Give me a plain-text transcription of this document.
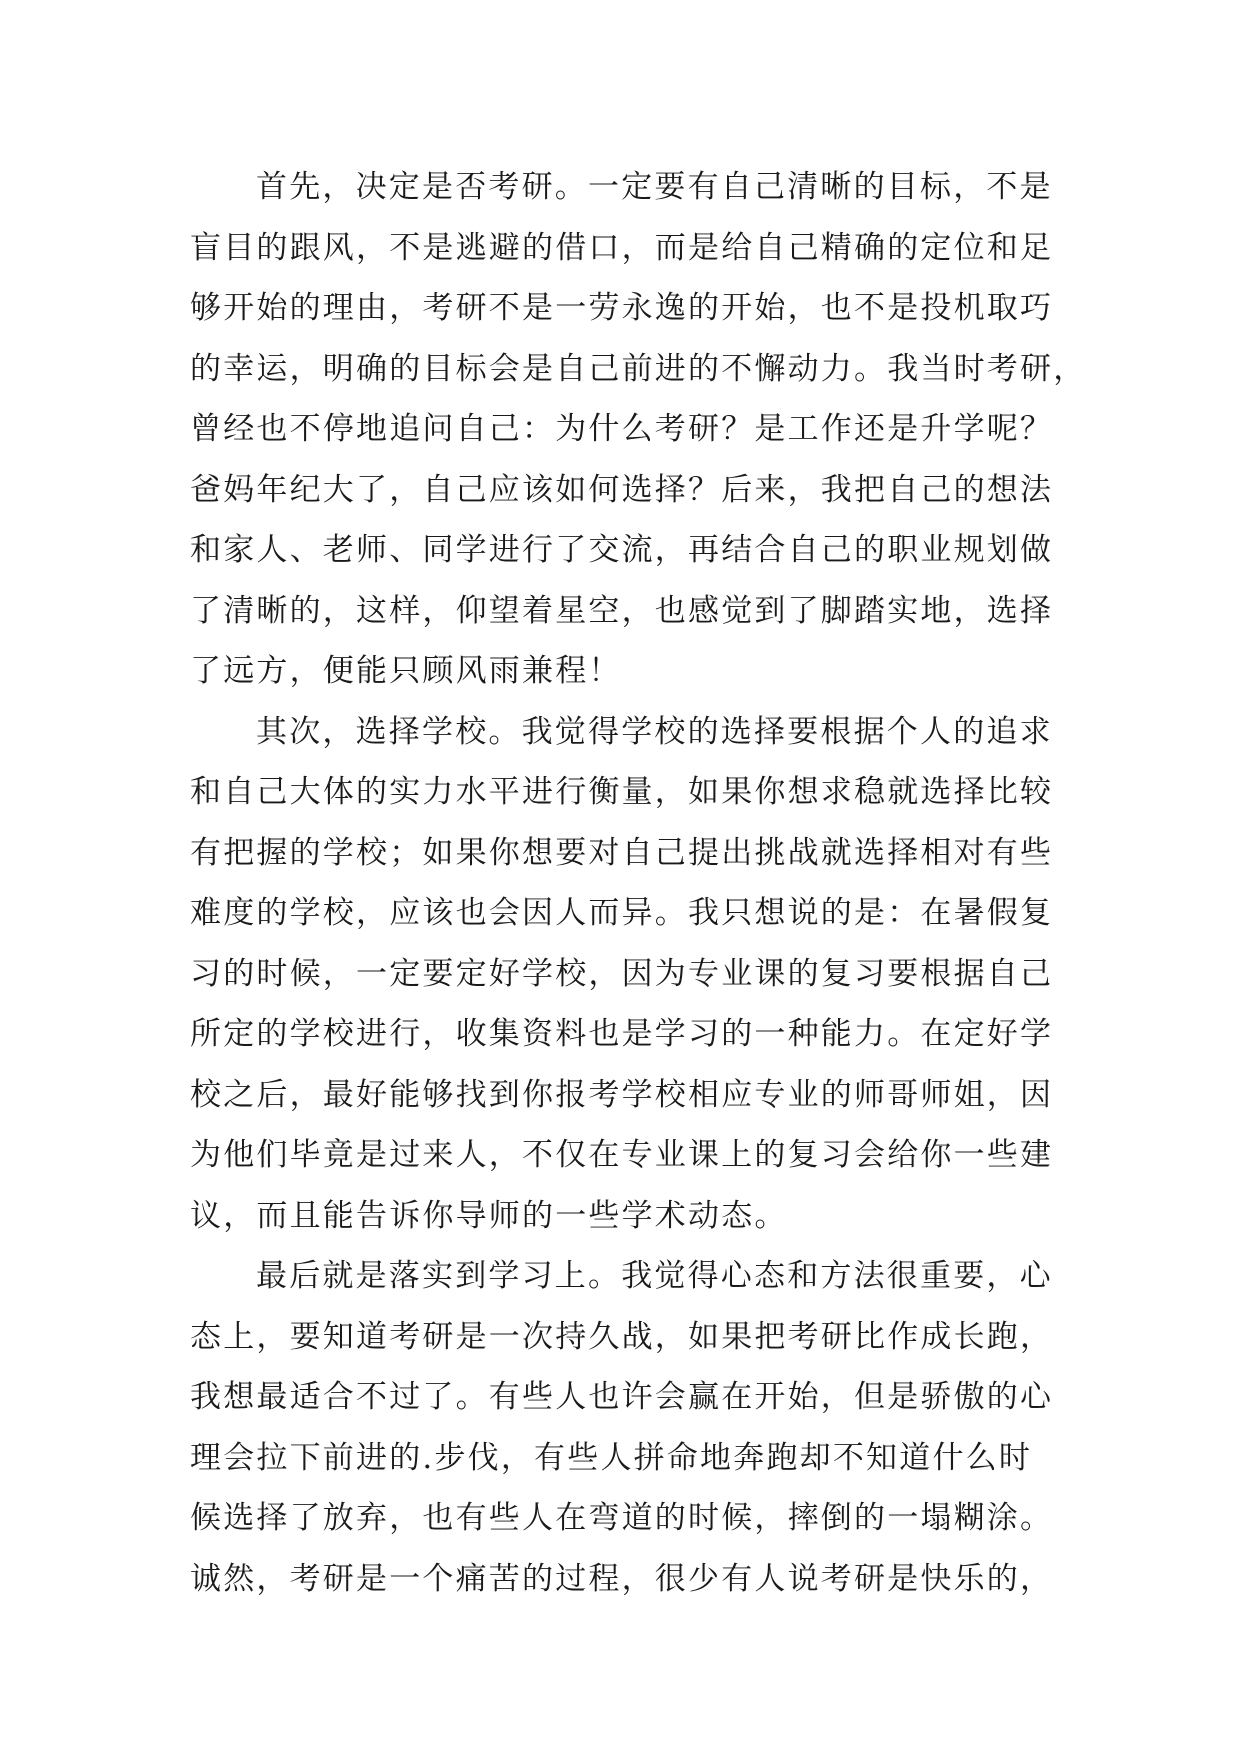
首先，决定是否考研。一定要有自己清晰的目标，不是
盲目的跟风，不是逃避的借口，而是给自己精确的定位和足
够开始的理由，考研不是一劳永逸的开始，也不是投机取巧
的幸运，明确的目标会是自己前进的不懈动力。我当时考研，
曾经也不停地追问自己：为什么考研？是工作还是升学呢？
爸妈年纪大了，自己应该如何选择？后来，我把自己的想法
和家人、老师、同学进行了交流，再结合自己的职业规划做
了清晰的，这样，仰望着星空，也感觉到了脚踏实地，选择
了远方，便能只顾风雨兼程！
其次，选择学校。我觉得学校的选择要根据个人的追求
和自己大体的实力水平进行衡量，如果你想求稳就选择比较
有把握的学校；如果你想要对自己提出挑战就选择相对有些
难度的学校，应该也会因人而异。我只想说的是：在暑假复
习的时候，一定要定好学校，因为专业课的复习要根据自己
所定的学校进行，收集资料也是学习的一种能力。在定好学
校之后，最好能够找到你报考学校相应专业的师哥师姐，因
为他们毕竟是过来人，不仅在专业课上的复习会给你一些建
议，而且能告诉你导师的一些学术动态。
最后就是落实到学习上。我觉得心态和方法很重要，心
态上，要知道考研是一次持久战，如果把考研比作成长跑，
我想最适合不过了。有些人也许会赢在开始，但是骄傲的心
理会拉下前进的.步伐，有些人拼命地奔跑却不知道什么时
候选择了放弃，也有些人在弯道的时候，摔倒的一塌糊涂。
诚然，考研是一个痛苦的过程，很少有人说考研是快乐的，
